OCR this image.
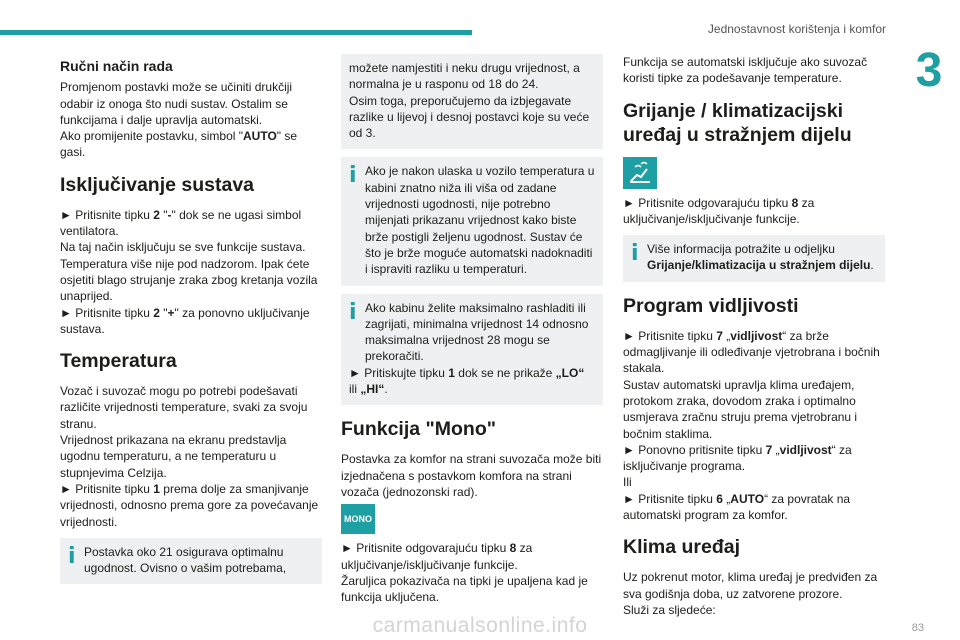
Jednostavnost korištenja i komfor
3
Ručni način rada

Promjenom postavki može se učiniti drukčiji odabir iz onoga što nudi sustav. Ostalim se funkcijama i dalje upravlja automatski.

Ako promijenite postavku, simbol "AUTO" se gasi.

Isključivanje sustava

► Pritisnite tipku 2 "-" dok se ne ugasi simbol ventilatora.

Na taj način isključuju se sve funkcije sustava.

Temperatura više nije pod nadzorom. Ipak ćete osjetiti blago strujanje zraka zbog kretanja vozila unaprijed.

► Pritisnite tipku 2 "+" za ponovno uključivanje sustava.

Temperatura

Vozač i suvozač mogu po potrebi podešavati različite vrijednosti temperature, svaki za svoju stranu.

Vrijednost prikazana na ekranu predstavlja ugodnu temperaturu, a ne temperaturu u stupnjevima Celzija.

► Pritisnite tipku 1 prema dolje za smanjivanje vrijednosti, odnosno prema gore za povećavanje vrijednosti.

i Postavka oko 21 osigurava optimalnu ugodnost. Ovisno o vašim potrebama,

možete namjestiti i neku drugu vrijednost, a normalna je u rasponu od 18 do 24.

Osim toga, preporučujemo da izbjegavate razlike u lijevoj i desnoj postavci koje su veće od 3.

i Ako je nakon ulaska u vozilo temperatura u kabini znatno niža ili viša od zadane vrijednosti ugodnosti, nije potrebno mijenjati prikazanu vrijednost kako biste brže postigli željenu ugodnost. Sustav će što je brže moguće automatski nadoknaditi i ispraviti razliku u temperaturi.
i Ako kabinu želite maksimalno rashladiti ili zagrijati, minimalna vrijednost 14 odnosno maksimalna vrijednost 28 mogu se prekoračiti.

► Pritiskujte tipku 1 dok se ne prikaže „LO“ ili „HI“.

Funkcija "Mono"

Postavka za komfor na strani suvozača može biti izjednačena s postavkom komfora na strani vozača (jednozonski rad).

MONO

► Pritisnite odgovarajuću tipku 8 za uključivanje/isključivanje funkcije.

Žaruljica pokazivača na tipki je upaljena kad je funkcija uključena.

Funkcija se automatski isključuje ako suvozač koristi tipke za podešavanje temperature.

Grijanje / klimatizacijski uređaj u stražnjem dijelu

► Pritisnite odgovarajuću tipku 8 za uključivanje/isključivanje funkcije.

i Više informacija potražite u odjeljku Grijanje/klimatizacija u stražnjem dijelu.
Program vidljivosti

► Pritisnite tipku 7 „vidljivost“ za brže odmagljivanje ili odleđivanje vjetrobrana i bočnih stakala.

Sustav automatski upravlja klima uređajem, protokom zraka, dovodom zraka i optimalno usmjerava zračnu struju prema vjetrobranu i bočnim staklima.

► Ponovno pritisnite tipku 7 „vidljivost“ za isključivanje programa.

Ili

► Pritisnite tipku 6 „AUTO“ za povratak na automatski program za komfor.

Klima uređaj

Uz pokrenut motor, klima uređaj je predviđen za sva godišnja doba, uz zatvorene prozore.

Služi za sljedeće:

83
carmanualsonline.info
